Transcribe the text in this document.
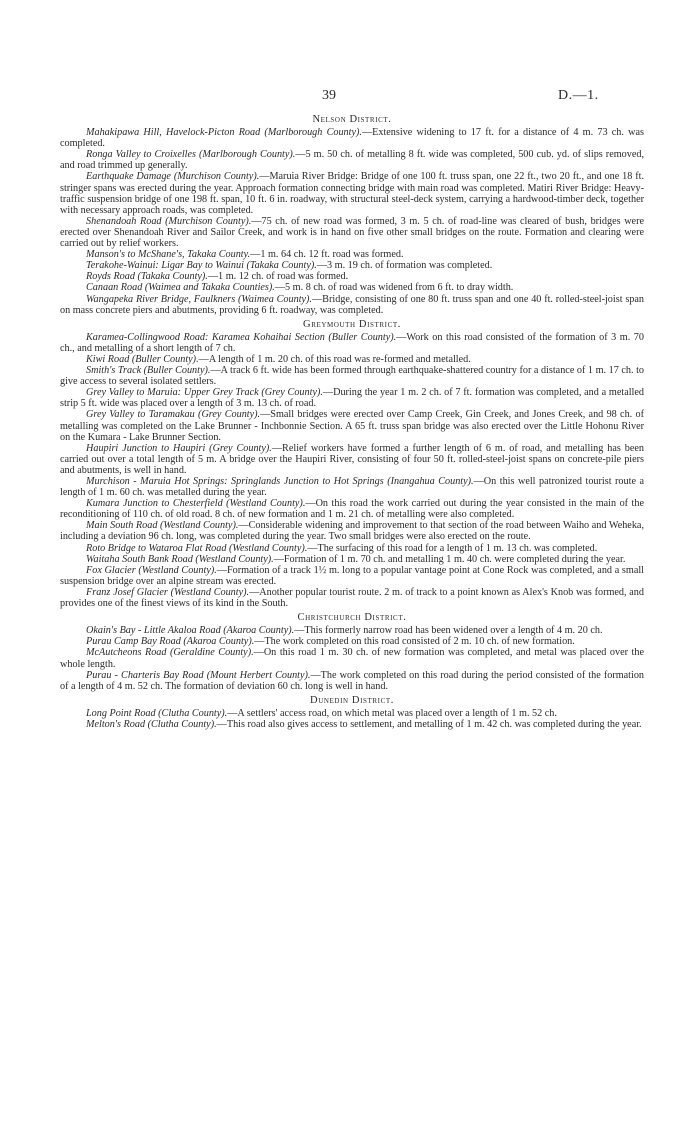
39	D.—1.
Nelson District.

Mahakipawa Hill, Havelock-Picton Road (Marlborough County).—Extensive widening to 17 ft. for a distance of 4 m. 73 ch. was completed.

Ronga Valley to Croixelles (Marlborough County).—5 m. 50 ch. of metalling 8 ft. wide was completed, 500 cub. yd. of slips removed, and road trimmed up generally.

Earthquake Damage (Murchison County).—Maruia River Bridge: Bridge of one 100 ft. truss span, one 22 ft., two 20 ft., and one 18 ft. stringer spans was erected during the year. Approach formation connecting bridge with main road was completed. Matiri River Bridge: Heavy-traffic suspension bridge of one 198 ft. span, 10 ft. 6 in. roadway, with structural steel-deck system, carrying a hardwood-timber deck, together with necessary approach roads, was completed.

Shenandoah Road (Murchison County).—75 ch. of new road was formed, 3 m. 5 ch. of road-line was cleared of bush, bridges were erected over Shenandoah River and Sailor Creek, and work is in hand on five other small bridges on the route. Formation and clearing were carried out by relief workers.

Manson's to McShane's, Takaka County.—1 m. 64 ch. 12 ft. road was formed.

Terakohe-Wainui: Ligar Bay to Wainui (Takaka County).—3 m. 19 ch. of formation was completed.

Royds Road (Takaka County).—1 m. 12 ch. of road was formed.

Canaan Road (Waimea and Takaka Counties).—5 m. 8 ch. of road was widened from 6 ft. to dray width.

Wangapeka River Bridge, Faulkners (Waimea County).—Bridge, consisting of one 80 ft. truss span and one 40 ft. rolled-steel-joist span on mass concrete piers and abutments, providing 6 ft. roadway, was completed.

Greymouth District.

Karamea-Collingwood Road: Karamea Kohaihai Section (Buller County).—Work on this road consisted of the formation of 3 m. 70 ch., and metalling of a short length of 7 ch.

Kiwi Road (Buller County).—A length of 1 m. 20 ch. of this road was re-formed and metalled.

Smith's Track (Buller County).—A track 6 ft. wide has been formed through earthquake-shattered country for a distance of 1 m. 17 ch. to give access to several isolated settlers.

Grey Valley to Maruia: Upper Grey Track (Grey County).—During the year 1 m. 2 ch. of 7 ft. formation was completed, and a metalled strip 5 ft. wide was placed over a length of 3 m. 13 ch. of road.

Grey Valley to Taramakau (Grey County).—Small bridges were erected over Camp Creek, Gin Creek, and Jones Creek, and 98 ch. of metalling was completed on the Lake Brunner - Inchbonnie Section. A 65 ft. truss span bridge was also erected over the Little Hohonu River on the Kumara - Lake Brunner Section.

Haupiri Junction to Haupiri (Grey County).—Relief workers have formed a further length of 6 m. of road, and metalling has been carried out over a total length of 5 m. A bridge over the Haupiri River, consisting of four 50 ft. rolled-steel-joist spans on concrete-pile piers and abutments, is well in hand.

Murchison - Maruia Hot Springs: Springlands Junction to Hot Springs (Inangahua County).—On this well patronized tourist route a length of 1 m. 60 ch. was metalled during the year.

Kumara Junction to Chesterfield (Westland County).—On this road the work carried out during the year consisted in the main of the reconditioning of 110 ch. of old road. 8 ch. of new formation and 1 m. 21 ch. of metalling were also completed.

Main South Road (Westland County).—Considerable widening and improvement to that section of the road between Waiho and Weheka, including a deviation 96 ch. long, was completed during the year. Two small bridges were also erected on the route.

Roto Bridge to Wataroa Flat Road (Westland County).—The surfacing of this road for a length of 1 m. 13 ch. was completed.

Waitaha South Bank Road (Westland County).—Formation of 1 m. 70 ch. and metalling 1 m. 40 ch. were completed during the year.

Fox Glacier (Westland County).—Formation of a track 1½ m. long to a popular vantage point at Cone Rock was completed, and a small suspension bridge over an alpine stream was erected.

Franz Josef Glacier (Westland County).—Another popular tourist route. 2 m. of track to a point known as Alex's Knob was formed, and provides one of the finest views of its kind in the South.

Christchurch District.

Okain's Bay - Little Akaloa Road (Akaroa County).—This formerly narrow road has been widened over a length of 4 m. 20 ch.

Purau Camp Bay Road (Akaroa County).—The work completed on this road consisted of 2 m. 10 ch. of new formation.

McAutcheons Road (Geraldine County).—On this road 1 m. 30 ch. of new formation was completed, and metal was placed over the whole length.

Purau - Charteris Bay Road (Mount Herbert County).—The work completed on this road during the period consisted of the formation of a length of 4 m. 52 ch. The formation of deviation 60 ch. long is well in hand.

Dunedin District.

Long Point Road (Clutha County).—A settlers' access road, on which metal was placed over a length of 1 m. 52 ch.

Melton's Road (Clutha County).—This road also gives access to settlement, and metalling of 1 m. 42 ch. was completed during the year.
